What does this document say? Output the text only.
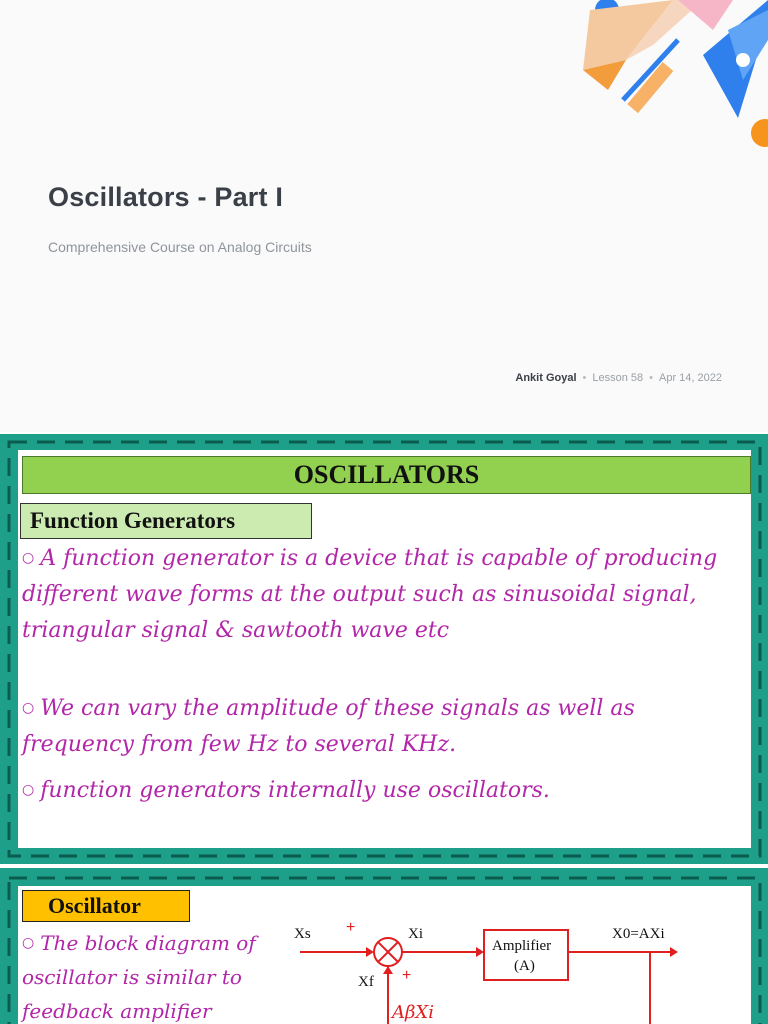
Oscillators - Part I

Comprehensive Course on Analog Circuits

Ankit Goyal • Lesson 58 • Apr 14, 2022
OSCILLATORS
Function Generators

○ A function generator is a device that is capable of producing different wave forms at the output such as sinusoidal signal, triangular signal & sawtooth wave etc

○ We can vary the amplitude of these signals as well as frequency from few Hz to several KHz.

○ function generators internally use oscillators.

Oscillator

○ The block diagram of oscillator is similar to feedback amplifier

Xs +	Xi
Amplifier
(A)
X0=AXi
Xf +
AβXi
